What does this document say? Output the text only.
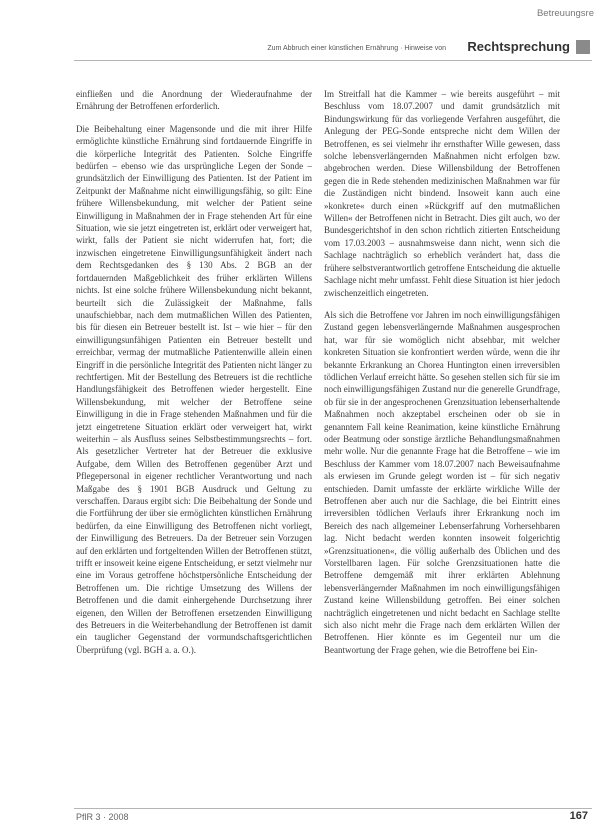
Betreuungsre
Zum Abbruch einer künstlichen Ernährung · Hinweise von Rechtsprechung

einfließen und die Anordnung der Wiederaufnahme der Ernährung der Betroffenen erforderlich.

Die Beibehaltung einer Magensonde und die mit ihrer Hilfe ermöglichte künstliche Ernährung sind fortdauernde Eingriffe in die körperliche Integrität des Patienten. Solche Eingriffe bedürfen – ebenso wie das ursprüngliche Legen der Sonde – grundsätzlich der Einwilligung des Patienten. Ist der Patient im Zeitpunkt der Maßnahme nicht einwilligungsfähig, so gilt: Eine frühere Willensbekundung, mit welcher der Patient seine Einwilligung in Maßnahmen der in Frage stehenden Art für eine Situation, wie sie jetzt eingetreten ist, erklärt oder verweigert hat, wirkt, falls der Patient sie nicht widerrufen hat, fort; die inzwischen eingetretene Einwilligungsunfähigkeit ändert nach dem Rechtsgedanken des § 130 Abs. 2 BGB an der fortdauernden Maßgeblichkeit des früher erklärten Willens nichts. Ist eine solche frühere Willensbekundung nicht bekannt, beurteilt sich die Zulässigkeit der Maßnahme, falls unaufschiebbar, nach dem mutmaßlichen Willen des Patienten, bis für diesen ein Betreuer bestellt ist. Ist – wie hier – für den einwilligungsunfähigen Patienten ein Betreuer bestellt und erreichbar, vermag der mutmaßliche Patientenwille allein einen Eingriff in die persönliche Integrität des Patienten nicht länger zu rechtfertigen. Mit der Bestellung des Betreuers ist die rechtliche Handlungsfähigkeit des Betroffenen wieder hergestellt. Eine Willensbekundung, mit welcher der Betroffene seine Einwilligung in die in Frage stehenden Maßnahmen und für die jetzt eingetretene Situation erklärt oder verweigert hat, wirkt weiterhin – als Ausfluss seines Selbstbestimmungsrechts – fort. Als gesetzlicher Vertreter hat der Betreuer die exklusive Aufgabe, dem Willen des Betroffenen gegenüber Arzt und Pflegepersonal in eigener rechtlicher Verantwortung und nach Maßgabe des § 1901 BGB Ausdruck und Geltung zu verschaffen. Daraus ergibt sich: Die Beibehaltung der Sonde und die Fortführung der über sie ermöglichten künstlichen Ernährung bedürfen, da eine Einwilligung des Betroffenen nicht vorliegt, der Einwilligung des Betreuers. Da der Betreuer sein Vorzugen auf den erklärten und fortgeltenden Willen der Betroffenen stützt, trifft er insoweit keine eigene Entscheidung, er setzt vielmehr nur eine im Voraus getroffene höchstpersönliche Entscheidung der Betroffenen um. Die richtige Umsetzung des Willens der Betroffenen und die damit einhergehende Durchsetzung ihrer eigenen, den Willen der Betroffenen ersetzenden Einwilligung des Betreuers in die Weiterbehandlung der Betroffenen ist damit ein tauglicher Gegenstand der vormundschaftsgerichtlichen Überprüfung (vgl. BGH a. a. O.).

Im Streitfall hat die Kammer – wie bereits ausgeführt – mit Beschluss vom 18.07.2007 und damit grundsätzlich mit Bindungswirkung für das vorliegende Verfahren ausgeführt, die Anlegung der PEG-Sonde entspreche nicht dem Willen der Betroffenen, es sei vielmehr ihr ernsthafter Wille gewesen, dass solche lebensverlängernden Maßnahmen nicht erfolgen bzw. abgebrochen werden. Diese Willensbildung der Betroffenen gegen die in Rede stehenden medizinischen Maßnahmen war für die Zuständigen nicht bindend. Insoweit kann auch eine »konkrete« durch einen »Rückgriff auf den mutmaßlichen Willen« der Betroffenen nicht in Betracht. Dies gilt auch, wo der Bundesgerichtshof in den schon richtlich zitierten Entscheidung vom 17.03.2003 – ausnahmsweise dann nicht, wenn sich die Sachlage nachträglich so erheblich verändert hat, dass die frühere selbstverantwortlich getroffene Entscheidung die aktuelle Sachlage nicht mehr umfasst. Fehlt diese Situation ist hier jedoch zwischenzeitlich eingetreten.

Als sich die Betroffene vor Jahren im noch einwilligungsfähigen Zustand gegen lebensverlängernde Maßnahmen ausgesprochen hat, war für sie womöglich nicht absehbar, mit welcher konkreten Situation sie konfrontiert werden würde, wenn die ihr bekannte Erkrankung an Chorea Huntington einen irreversiblen tödlichen Verlauf erreicht hätte. So gesehen stellen sich für sie im noch einwilligungsfähigen Zustand nur die generelle Grundfrage, ob für sie in der angesprochenen Grenzsituation lebenserhaltende Maßnahmen noch akzeptabel erscheinen oder ob sie in genanntem Fall keine Reanimation, keine künstliche Ernährung oder Beatmung oder sonstige ärztliche Behandlungsmaßnahmen mehr wolle. Nur die genannte Frage hat die Betroffene – wie im Beschluss der Kammer vom 18.07.2007 nach Beweisaufnahme als erwiesen im Grunde gelegt worden ist – für sich negativ entschieden. Damit umfasste der erklärte wirkliche Wille der Betroffenen aber auch nur die Sachlage, die bei Eintritt eines irreversiblen tödlichen Verlaufs ihrer Erkrankung noch im Bereich des nach allgemeiner Lebenserfahrung Vorhersehbaren lag. Nicht bedacht werden konnten insoweit folgerichtig »Grenzsituationen«, die völlig außerhalb des Üblichen und des Vorstellbaren lagen. Für solche Grenzsituationen hatte die Betroffene demgemäß mit ihrer erklärten Ablehnung lebensverlängernder Maßnahmen im noch einwilligungsfähigen Zustand keine Willensbildung getroffen. Bei einer solchen nachträglich eingetretenen und nicht bedacht en Sachlage stellte sich also nicht mehr die Frage nach dem erklärten Willen der Betroffenen. Hier könnte es im Gegenteil nur um die Beantwortung der Frage gehen, wie die Betroffene bei Ein-

PflR 3 · 2008	167
